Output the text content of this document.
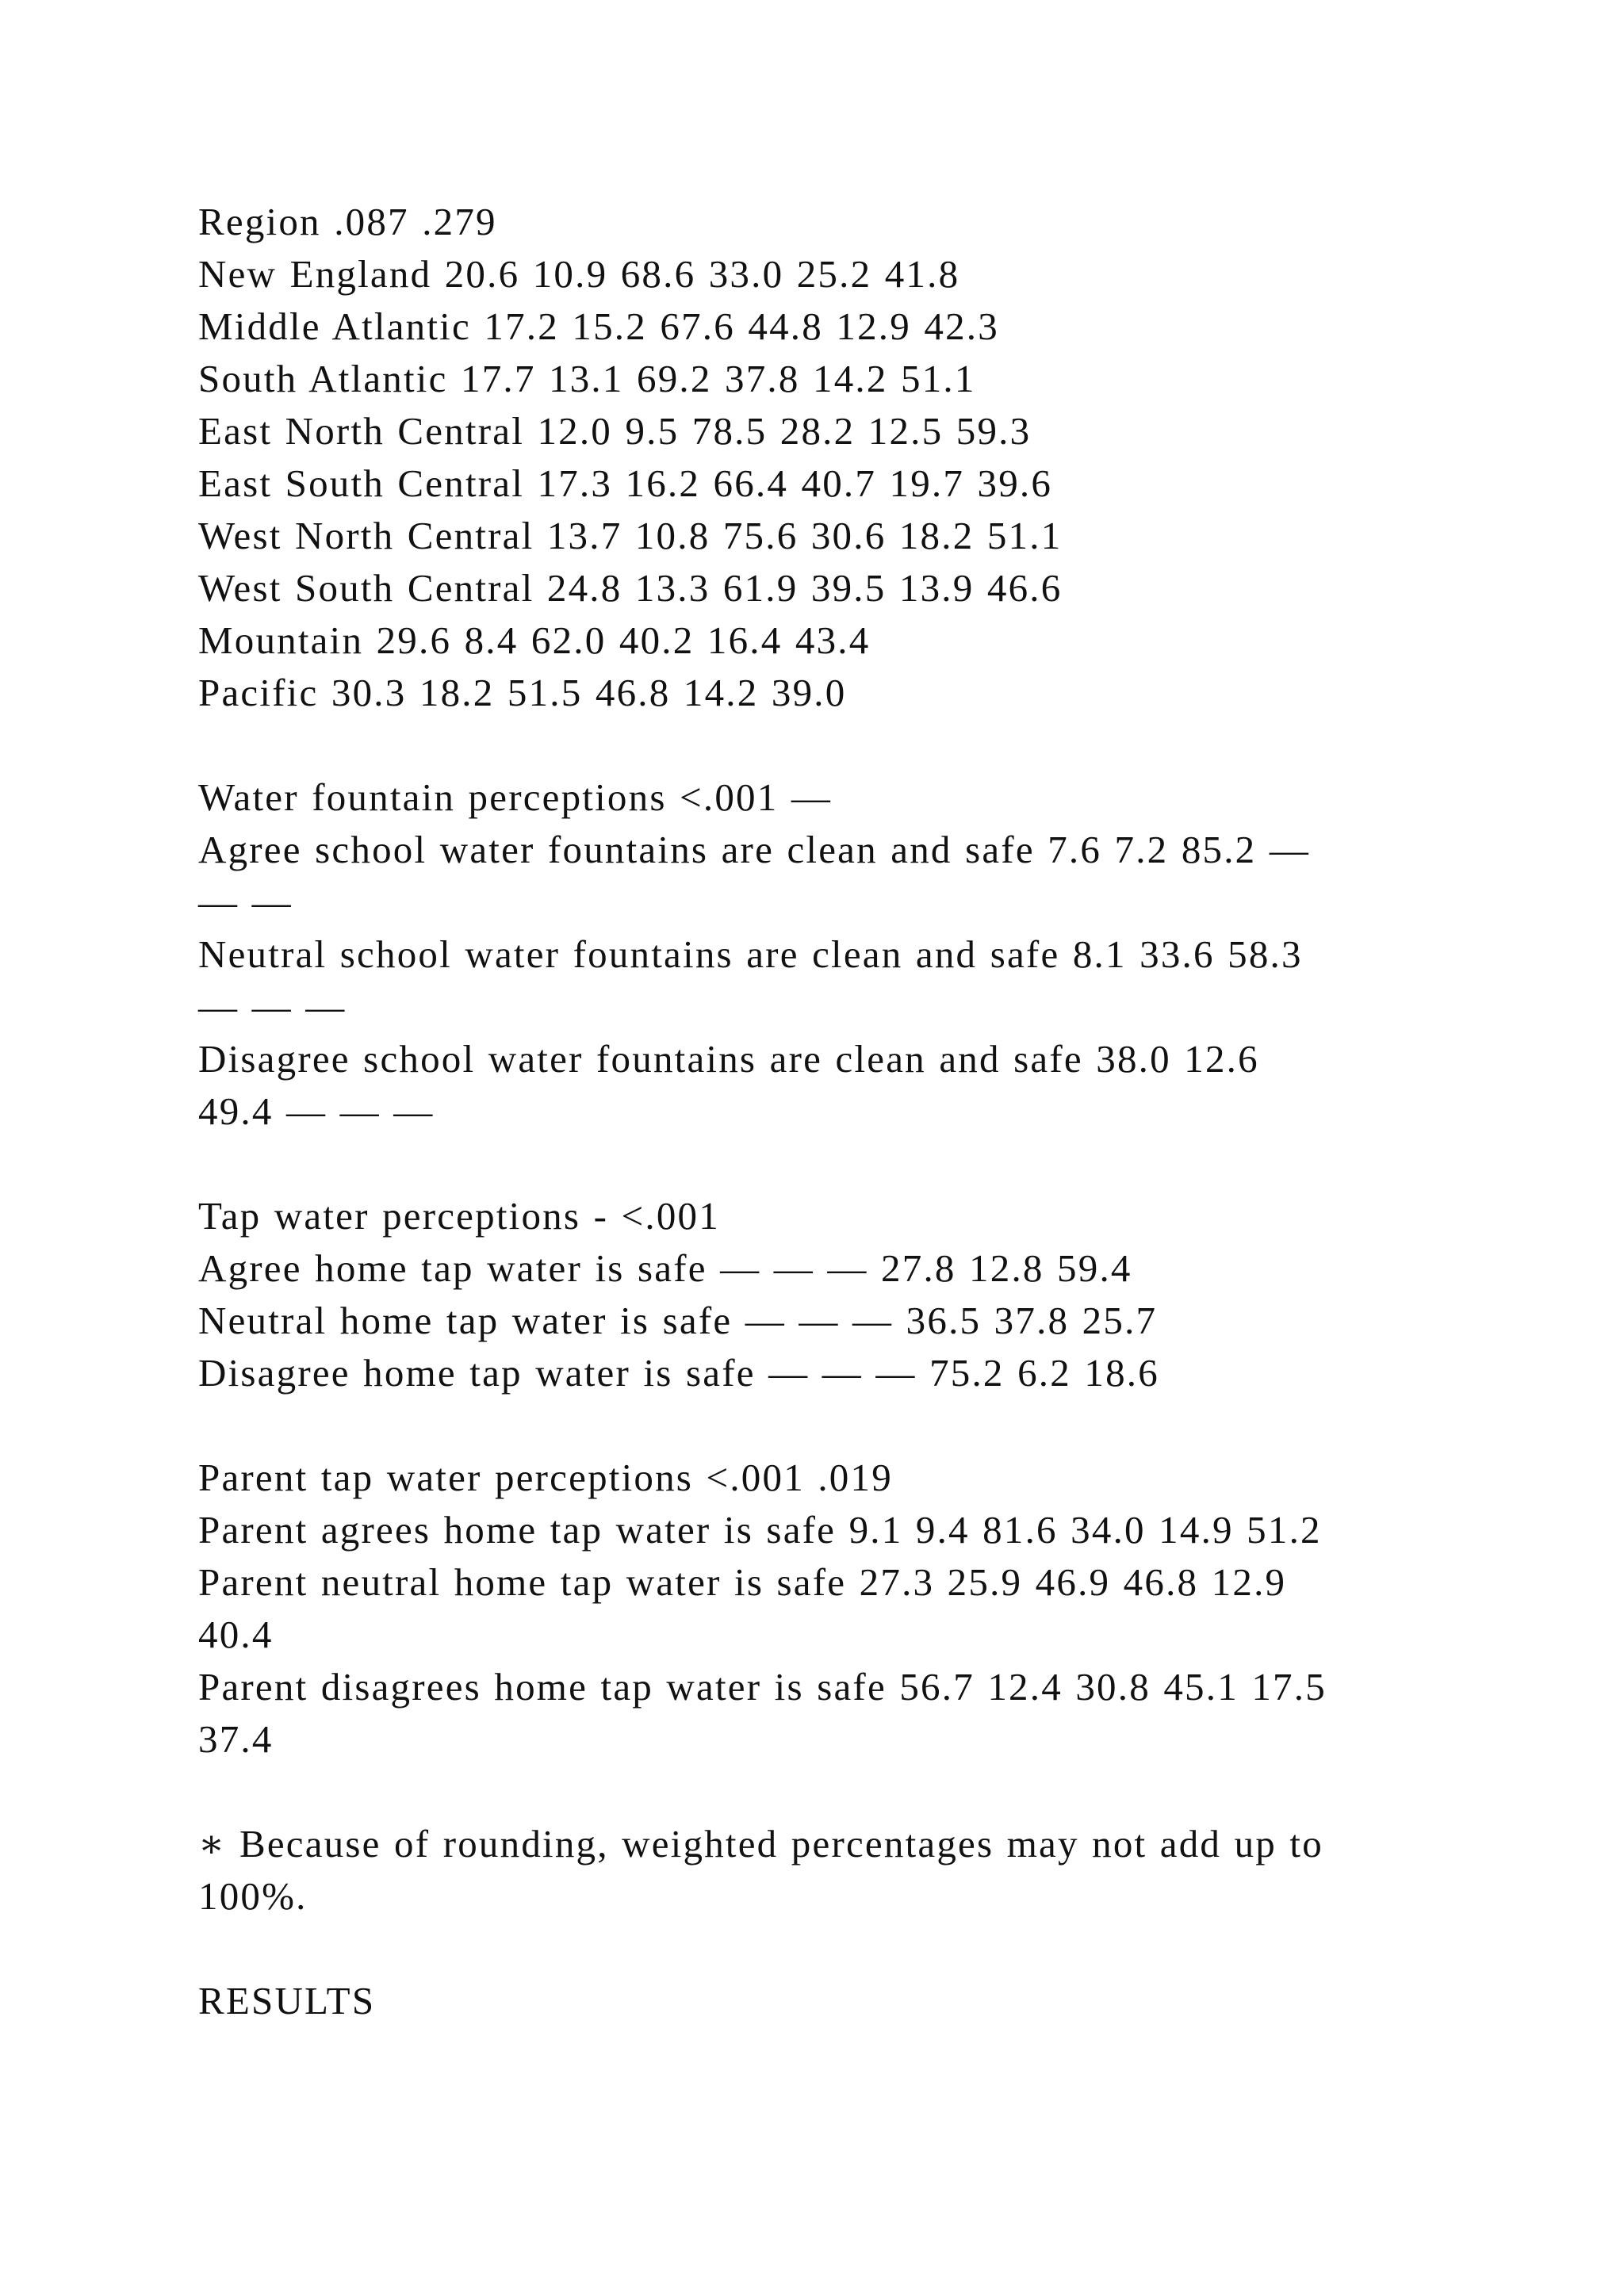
Region .087 .279
New England 20.6 10.9 68.6 33.0 25.2 41.8
Middle Atlantic 17.2 15.2 67.6 44.8 12.9 42.3
South Atlantic 17.7 13.1 69.2 37.8 14.2 51.1
East North Central 12.0 9.5 78.5 28.2 12.5 59.3
East South Central 17.3 16.2 66.4 40.7 19.7 39.6
West North Central 13.7 10.8 75.6 30.6 18.2 51.1
West South Central 24.8 13.3 61.9 39.5 13.9 46.6
Mountain 29.6 8.4 62.0 40.2 16.4 43.4
Pacific 30.3 18.2 51.5 46.8 14.2 39.0
Water fountain perceptions <.001 —
Agree school water fountains are clean and safe 7.6 7.2 85.2 —
— —
Neutral school water fountains are clean and safe 8.1 33.6 58.3
— — —
Disagree school water fountains are clean and safe 38.0 12.6
49.4 — — —
Tap water perceptions - <.001
Agree home tap water is safe — — — 27.8 12.8 59.4
Neutral home tap water is safe — — — 36.5 37.8 25.7
Disagree home tap water is safe — — — 75.2 6.2 18.6
Parent tap water perceptions <.001 .019
Parent agrees home tap water is safe 9.1 9.4 81.6 34.0 14.9 51.2
Parent neutral home tap water is safe 27.3 25.9 46.9 46.8 12.9
40.4
Parent disagrees home tap water is safe 56.7 12.4 30.8 45.1 17.5
37.4
∗ Because of rounding, weighted percentages may not add up to
100%.
RESULTS
